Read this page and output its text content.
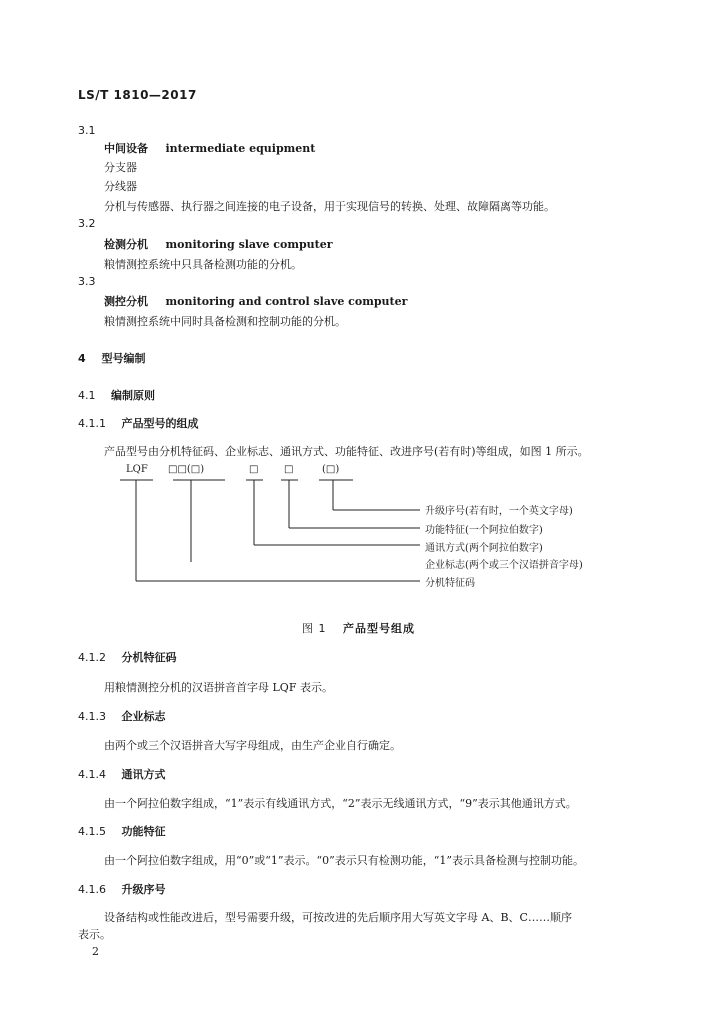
LS/T 1810—2017
3.1
中间设备 intermediate equipment
分支器
分线器
分机与传感器、执行器之间连接的电子设备，用于实现信号的转换、处理、故障隔离等功能。
3.2
检测分机 monitoring slave computer
粮情测控系统中只具备检测功能的分机。
3.3
测控分机 monitoring and control slave computer
粮情测控系统中同时具备检测和控制功能的分机。
4 型号编制
4.1 编制原则
4.1.1 产品型号的组成
产品型号由分机特征码、企业标志、通讯方式、功能特征、改进序号(若有时)等组成，如图 1 所示。
LQF □□(□)	□	□	(□)
升级序号(若有时，一个英文字母)
功能特征(一个阿拉伯数字)
通讯方式(两个阿拉伯数字)
企业标志(两个或三个汉语拼音字母)
分机特征码
图 1 产品型号组成
4.1.2 分机特征码
用粮情测控分机的汉语拼音首字母 LQF 表示。
4.1.3 企业标志
由两个或三个汉语拼音大写字母组成，由生产企业自行确定。
4.1.4 通讯方式
由一个阿拉伯数字组成，“1”表示有线通讯方式，“2”表示无线通讯方式，“9”表示其他通讯方式。
4.1.5 功能特征
由一个阿拉伯数字组成，用“0”或“1”表示。“0”表示只有检测功能，“1”表示具备检测与控制功能。
4.1.6 升级序号
设备结构或性能改进后，型号需要升级，可按改进的先后顺序用大写英文字母 A、B、C……顺序
表示。
2
